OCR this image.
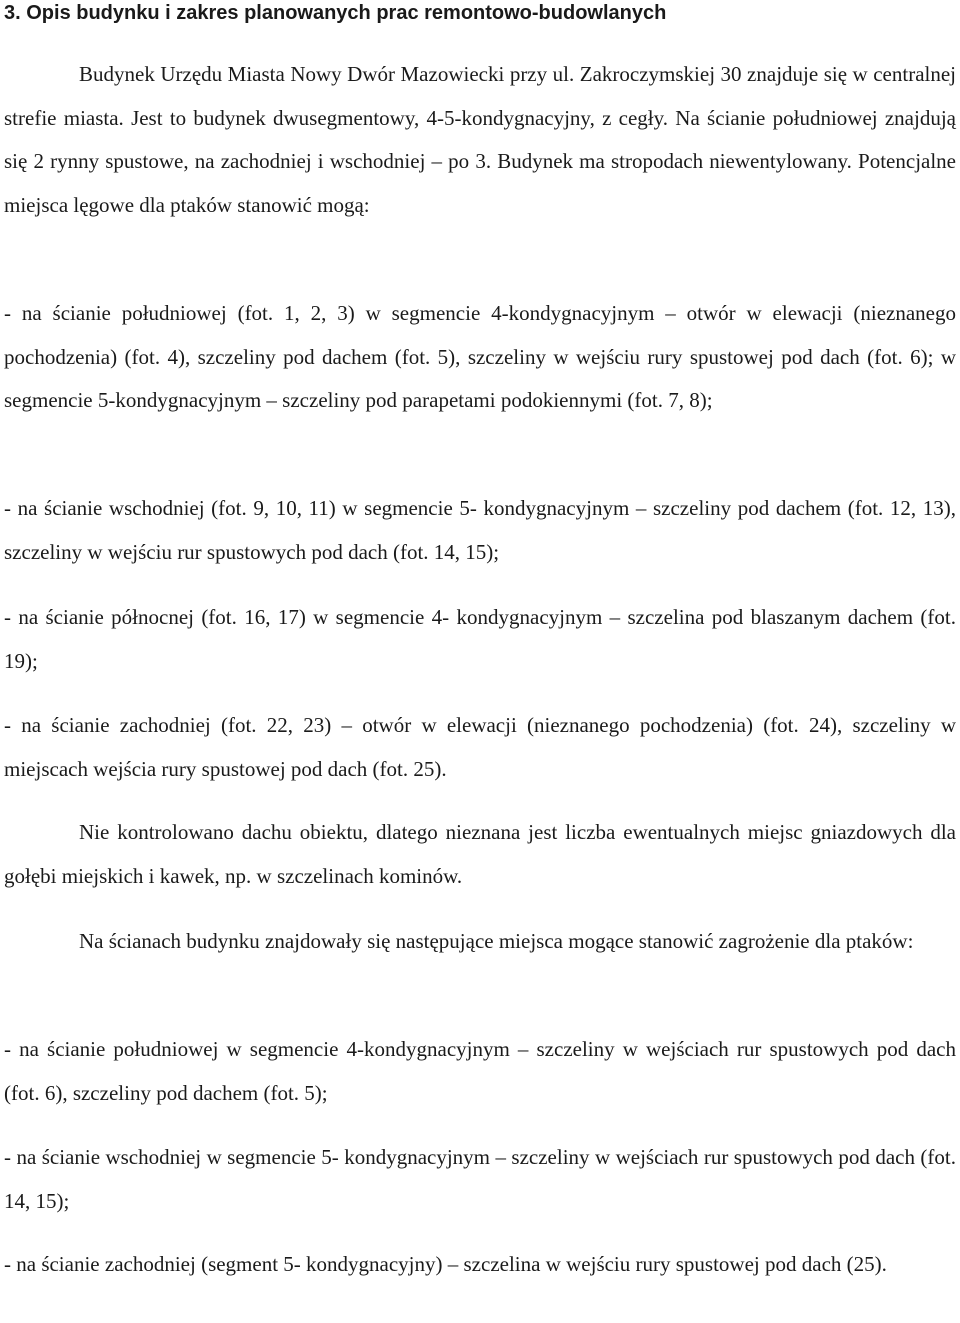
3. Opis budynku i zakres planowanych prac remontowo-budowlanych

Budynek Urzędu Miasta Nowy Dwór Mazowiecki przy ul. Zakroczymskiej 30 znajduje się w centralnej strefie miasta. Jest to budynek dwusegmentowy, 4-5-kondygnacyjny, z cegły. Na ścianie południowej znajdują się 2 rynny spustowe, na zachodniej i wschodniej – po 3. Budynek ma stropodach niewentylowany. Potencjalne miejsca lęgowe dla ptaków stanowić mogą:

- na ścianie południowej (fot. 1, 2, 3) w segmencie 4-kondygnacyjnym – otwór w elewacji (nieznanego pochodzenia) (fot. 4), szczeliny pod dachem (fot. 5), szczeliny w wejściu rury spustowej pod dach (fot. 6); w segmencie 5-kondygnacyjnym – szczeliny pod parapetami podokiennymi (fot. 7, 8);

- na ścianie wschodniej (fot. 9, 10, 11) w segmencie 5- kondygnacyjnym – szczeliny pod dachem (fot. 12, 13), szczeliny w wejściu rur spustowych pod dach (fot. 14, 15);

- na ścianie północnej (fot. 16, 17) w segmencie 4- kondygnacyjnym – szczelina pod blaszanym dachem (fot. 19);

- na ścianie zachodniej (fot. 22, 23) – otwór w elewacji (nieznanego pochodzenia) (fot. 24), szczeliny w miejscach wejścia rury spustowej pod dach (fot. 25).

Nie kontrolowano dachu obiektu, dlatego nieznana jest liczba ewentualnych miejsc gniazdowych dla gołębi miejskich i kawek, np. w szczelinach kominów.

Na ścianach budynku znajdowały się następujące miejsca mogące stanowić zagrożenie dla ptaków:

- na ścianie południowej w segmencie 4-kondygnacyjnym – szczeliny w wejściach rur spustowych pod dach (fot. 6), szczeliny pod dachem (fot. 5);

- na ścianie wschodniej w segmencie 5- kondygnacyjnym – szczeliny w wejściach rur spustowych pod dach (fot. 14, 15);

- na ścianie zachodniej (segment 5- kondygnacyjny) – szczelina w wejściu rury spustowej pod dach (25).
